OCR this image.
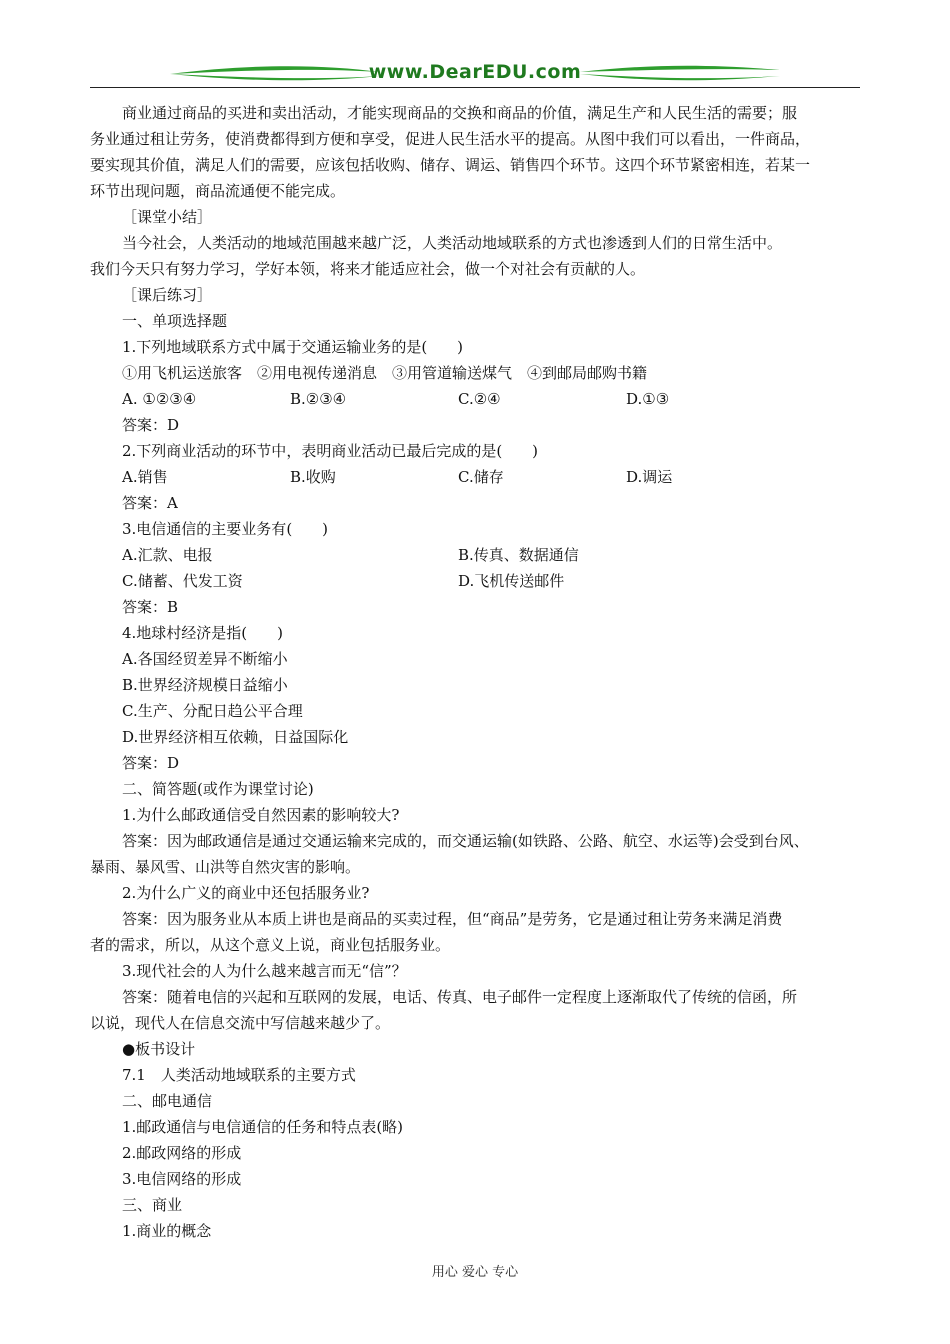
www.DearEDU.com

商业通过商品的买进和卖出活动，才能实现商品的交换和商品的价值，满足生产和人民生活的需要；服

务业通过租让劳务，使消费都得到方便和享受，促进人民生活水平的提高。从图中我们可以看出，一件商品，

要实现其价值，满足人们的需要，应该包括收购、储存、调运、销售四个环节。这四个环节紧密相连，若某一

环节出现问题，商品流通便不能完成。

［课堂小结］

当今社会，人类活动的地域范围越来越广泛，人类活动地域联系的方式也渗透到人们的日常生活中。

我们今天只有努力学习，学好本领，将来才能适应社会，做一个对社会有贡献的人。

［课后练习］

一、单项选择题

1.下列地域联系方式中属于交通运输业务的是(　　)

①用飞机运送旅客　②用电视传递消息　③用管道输送煤气　④到邮局邮购书籍

A. ①②③④	B.②③④	C.②④	D.①③

答案：D

2.下列商业活动的环节中，表明商业活动已最后完成的是(　　)

A.销售	B.收购	C.储存	D.调运

答案：A

3.电信通信的主要业务有(　　)

A.汇款、电报	B.传真、数据通信
C.储蓄、代发工资	D.飞机传送邮件

答案：B

4.地球村经济是指(　　)

A.各国经贸差异不断缩小

B.世界经济规模日益缩小

C.生产、分配日趋公平合理

D.世界经济相互依赖，日益国际化

答案：D

二、简答题(或作为课堂讨论)

1.为什么邮政通信受自然因素的影响较大?

答案：因为邮政通信是通过交通运输来完成的，而交通运输(如铁路、公路、航空、水运等)会受到台风、

暴雨、暴风雪、山洪等自然灾害的影响。

2.为什么广义的商业中还包括服务业?

答案：因为服务业从本质上讲也是商品的买卖过程，但“商品”是劳务，它是通过租让劳务来满足消费

者的需求，所以，从这个意义上说，商业包括服务业。

3.现代社会的人为什么越来越言而无“信”？

答案：随着电信的兴起和互联网的发展，电话、传真、电子邮件一定程度上逐渐取代了传统的信函，所

以说，现代人在信息交流中写信越来越少了。

●板书设计

7.1　人类活动地域联系的主要方式

二、邮电通信

1.邮政通信与电信通信的任务和特点表(略)

2.邮政网络的形成

3.电信网络的形成

三、商业

1.商业的概念

用心 爱心 专心
